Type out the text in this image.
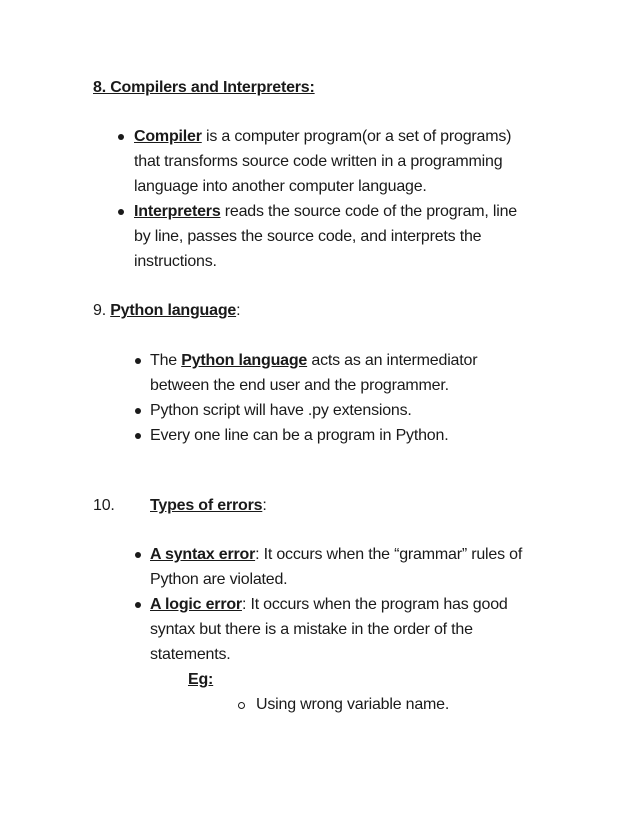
8. Compilers and Interpreters:
Compiler is a computer program(or a set of programs)
that transforms source code written in a programming
language into another computer language.
Interpreters reads the source code of the program, line
by line, passes the source code, and interprets the
instructions.
9. Python language:
The Python language acts as an intermediator
between the end user and the programmer.
Python script will have .py extensions.
Every one line can be a program in Python.
10. Types of errors:
A syntax error: It occurs when the “grammar” rules of
Python are violated.
A logic error: It occurs when the program has good
syntax but there is a mistake in the order of the
statements.
Eg:
Using wrong variable name.
